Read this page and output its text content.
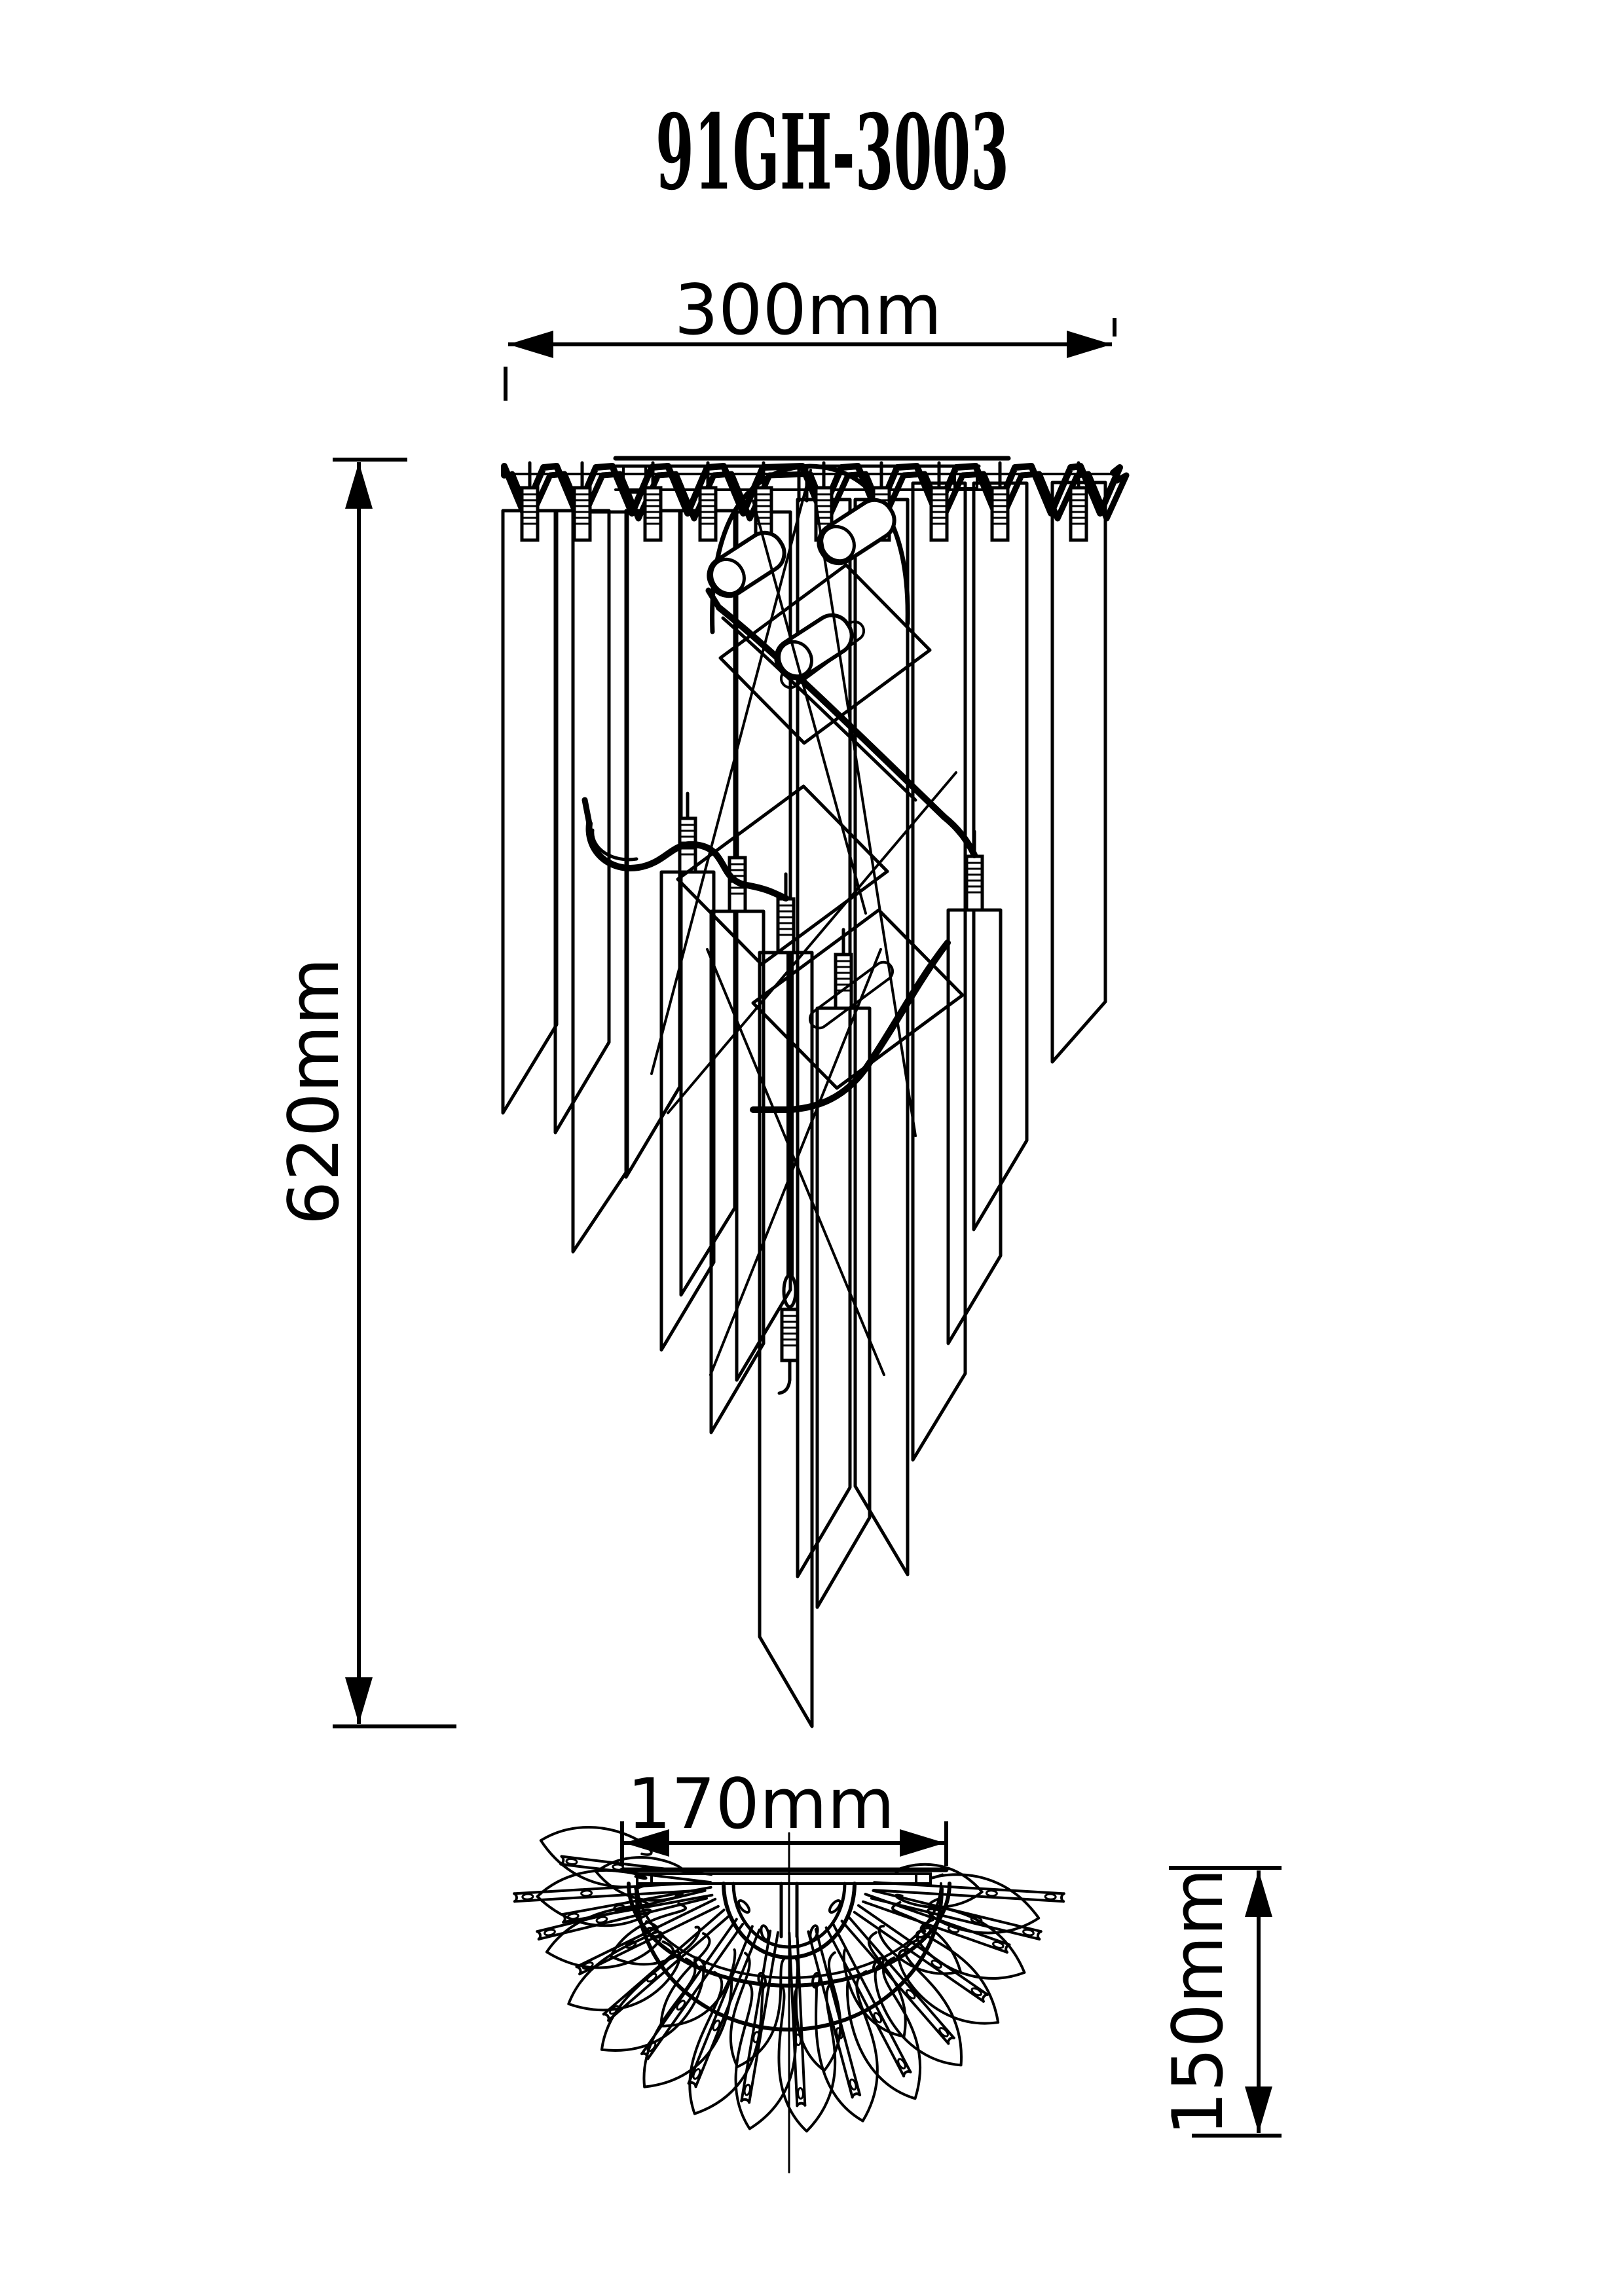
91GH-3003
300mm
620mm
170mm
150mm
